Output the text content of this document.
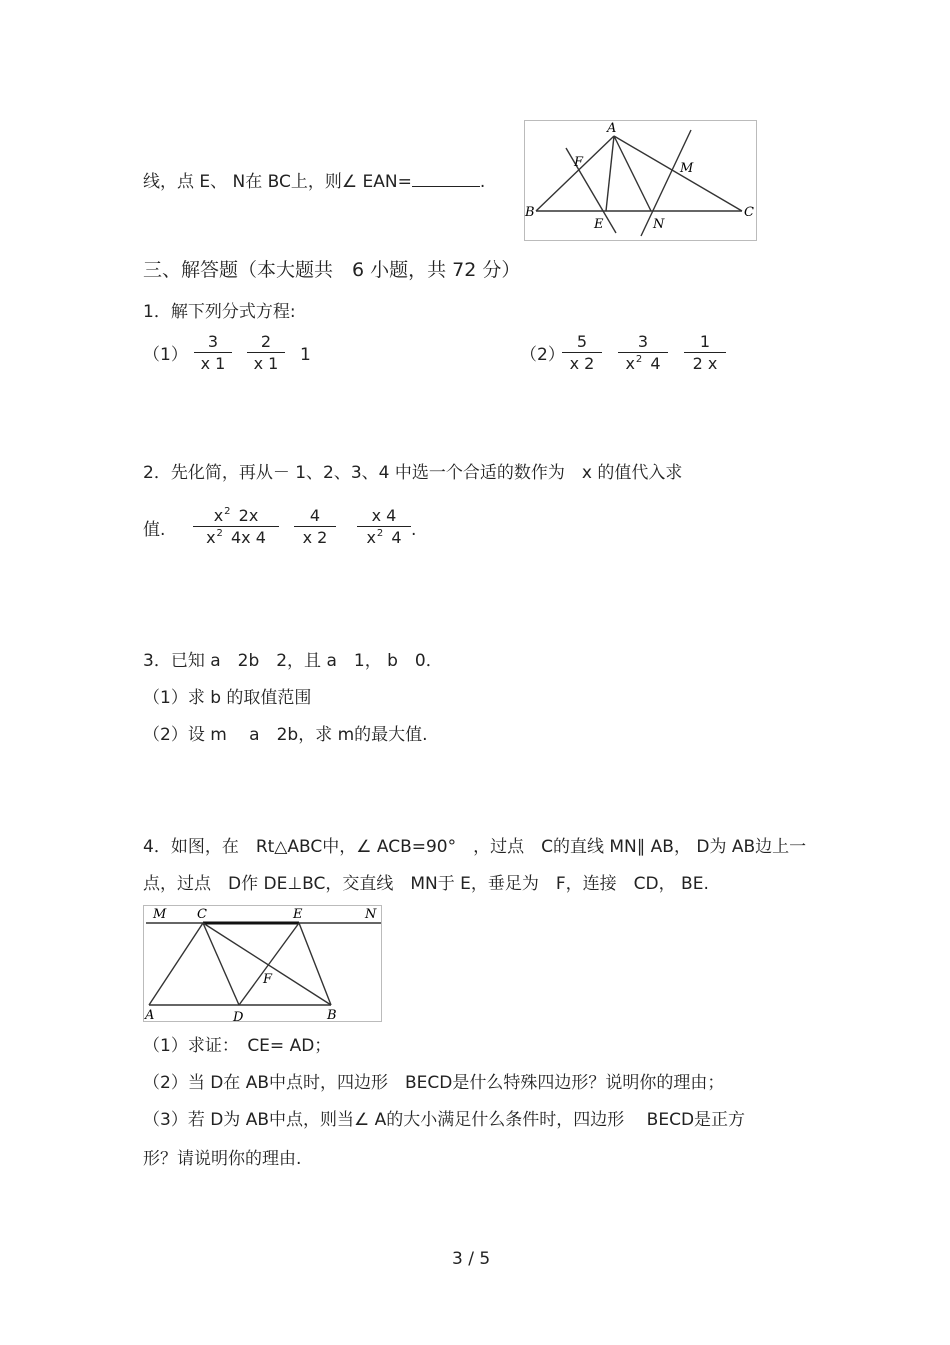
线，点 E、 N在 BC上，则∠ EAN=	.
A
B	C
E
F	M
N
三、解答题（本大题共　6 小题，共 72 分）
1．解下列分式方程:
$(1) \frac{3}{x 1} \frac{2}{x 1} 1$	（2）
$\frac{5}{x 2} \frac{3}{x^2 4} \frac{1}{2 x}$
2．先化简，再从－ 1、2、3、4 中选一个合适的数作为　x 的值代入求
值. $\frac{x^2 2x}{x^2 4x 4} \frac{4}{x 2} \frac{x 4}{x^2 4}$ .
3．已知 a　2b　2，且 a　1， b　0．
（1）求 b 的取值范围
（2）设 m　 a　2b，求 m的最大值.
4．如图，在　Rt△ABC中，∠ ACB=90°　，过点　C的直线 MN∥ AB， D为 AB边上一
点，过点　D作 DE⊥BC，交直线　MN于 E，垂足为　F，连接　CD， BE.
M C	E	N
F
A	D	B
（1）求证：　CE= AD；
（2）当 D在 AB中点时，四边形　BECD是什么特殊四边形？说明你的理由；
（3）若 D为 AB中点，则当∠ A的大小满足什么条件时，四边形　 BECD是正方
形？请说明你的理由.
3 / 5
